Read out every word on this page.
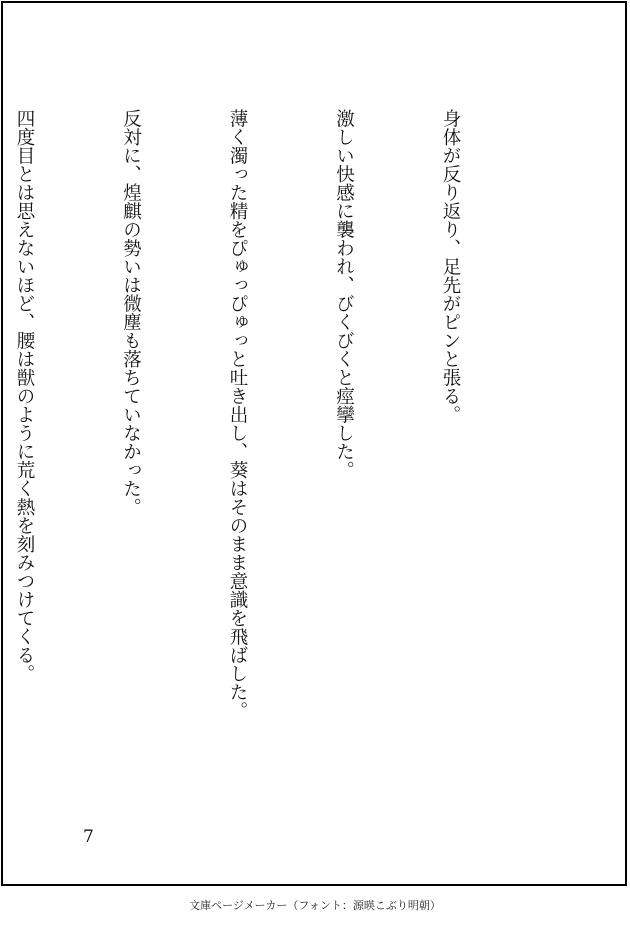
身体が反り返り、足先がピンと張る。

激しい快感に襲われ、びくびくと痙攣した。

薄く濁った精をぴゅっぴゅっと吐き出し、葵はそのまま意識を飛ばした。

反対に、煌麒の勢いは微塵も落ちていなかった。

四度目とは思えないほど、腰は獣のように荒く熱を刻みつけてくる。

7
文庫ページメーカー（フォント：源暎こぶり明朝）
